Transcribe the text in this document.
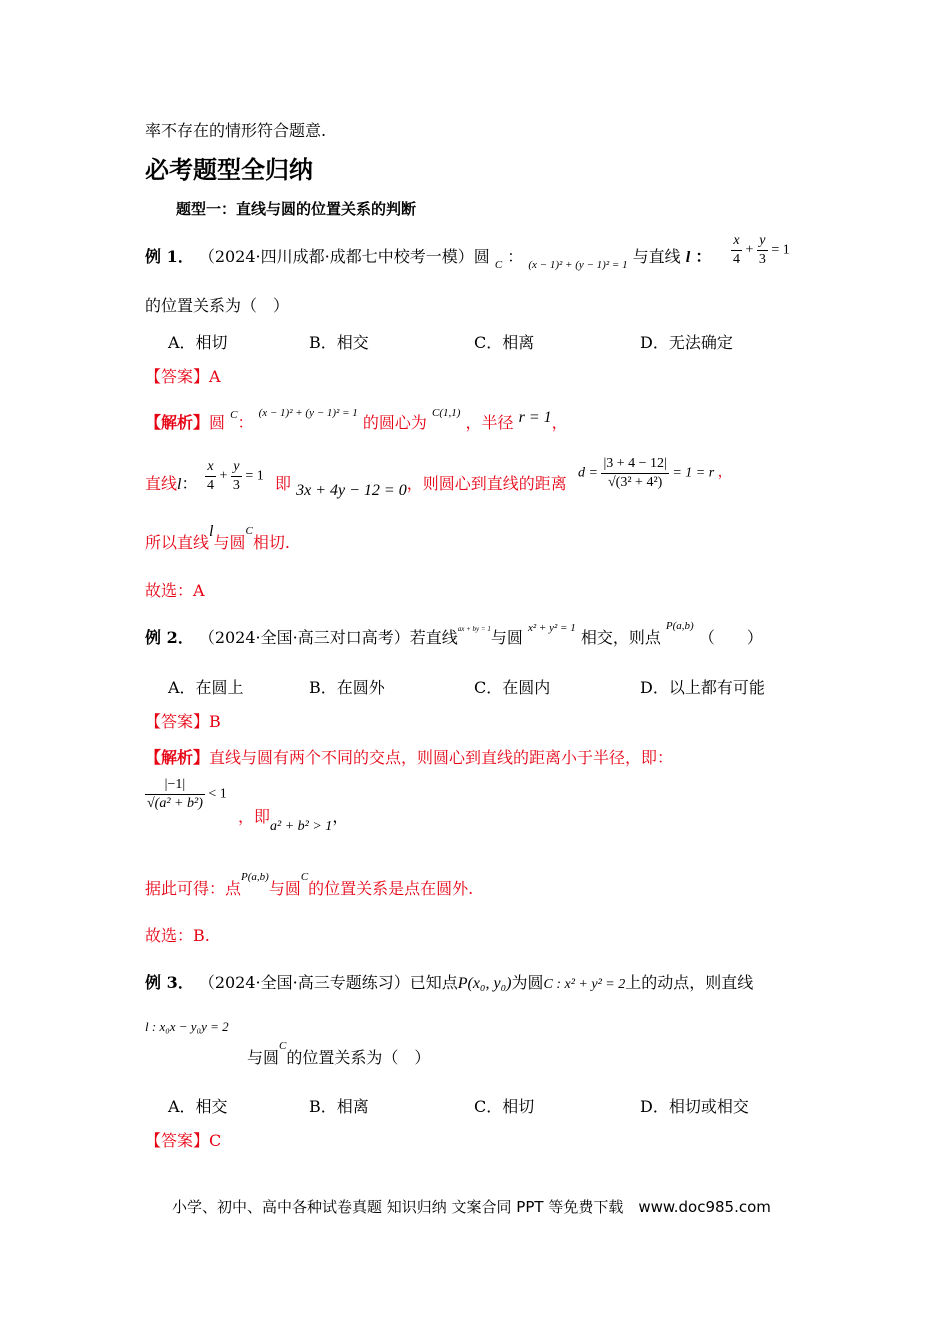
率不存在的情形符合题意.
必考题型全归纳
题型一：直线与圆的位置关系的判断
例 1． （2024·四川成都·成都七中校考一模）圆 $_C$ ： $_{(x - 1)^2 + (y - 1)^2 = 1}$ 与直线 l ： $\frac{x}{4} + \frac{y}{3} = 1$
的位置关系为（　）
A．相切	B．相交	C．相离	D．无法确定
【答案】A
【解析】圆 $^C$： $^{(x - 1)^2 + (y - 1)^2 = 1}$ 的圆心为 $^{C(1,1)}$ ，半径 r = 1，
直线l： $\frac{x}{4} + \frac{y}{3} = 1$ 即 3x + 4y − 12 = 0，则圆心到直线的距离
$d = \frac{|3 + 4 - 12|}{\text{√(3² + 4²)}} = 1 = r$ ，
所以直线l与圆$^C$相切.
故选：A
例 2． （2024·全国·高三对口高考）若直线$^{ax + by = 1}$与圆 $^{x^2 + y^2 = 1}$ 相交，则点 $^{P(a,b)}$ （　　）
A．在圆上	B．在圆外	C．在圆内	D．以上都有可能
【答案】B
【解析】直线与圆有两个不同的交点，则圆心到直线的距离小于半径，即：
$\frac{|-1|}{\text{√(a² + b²)}} < 1$
，即a² + b² > 1，
据此可得：点$^{P(a,b)}$与圆$^C$的位置关系是点在圆外.
故选：B.
例 3． （2024·全国·高三专题练习）已知点P(x₀, y₀)为圆C : x² + y² = 2上的动点，则直线
$^{l : x_0x - y_0y = 2}$
与圆$^C$的位置关系为（　）
A．相交	B．相离	C．相切	D．相切或相交
【答案】C
小学、初中、高中各种试卷真题 知识归纳 文案合同 PPT 等免费下载　www.doc985.com
